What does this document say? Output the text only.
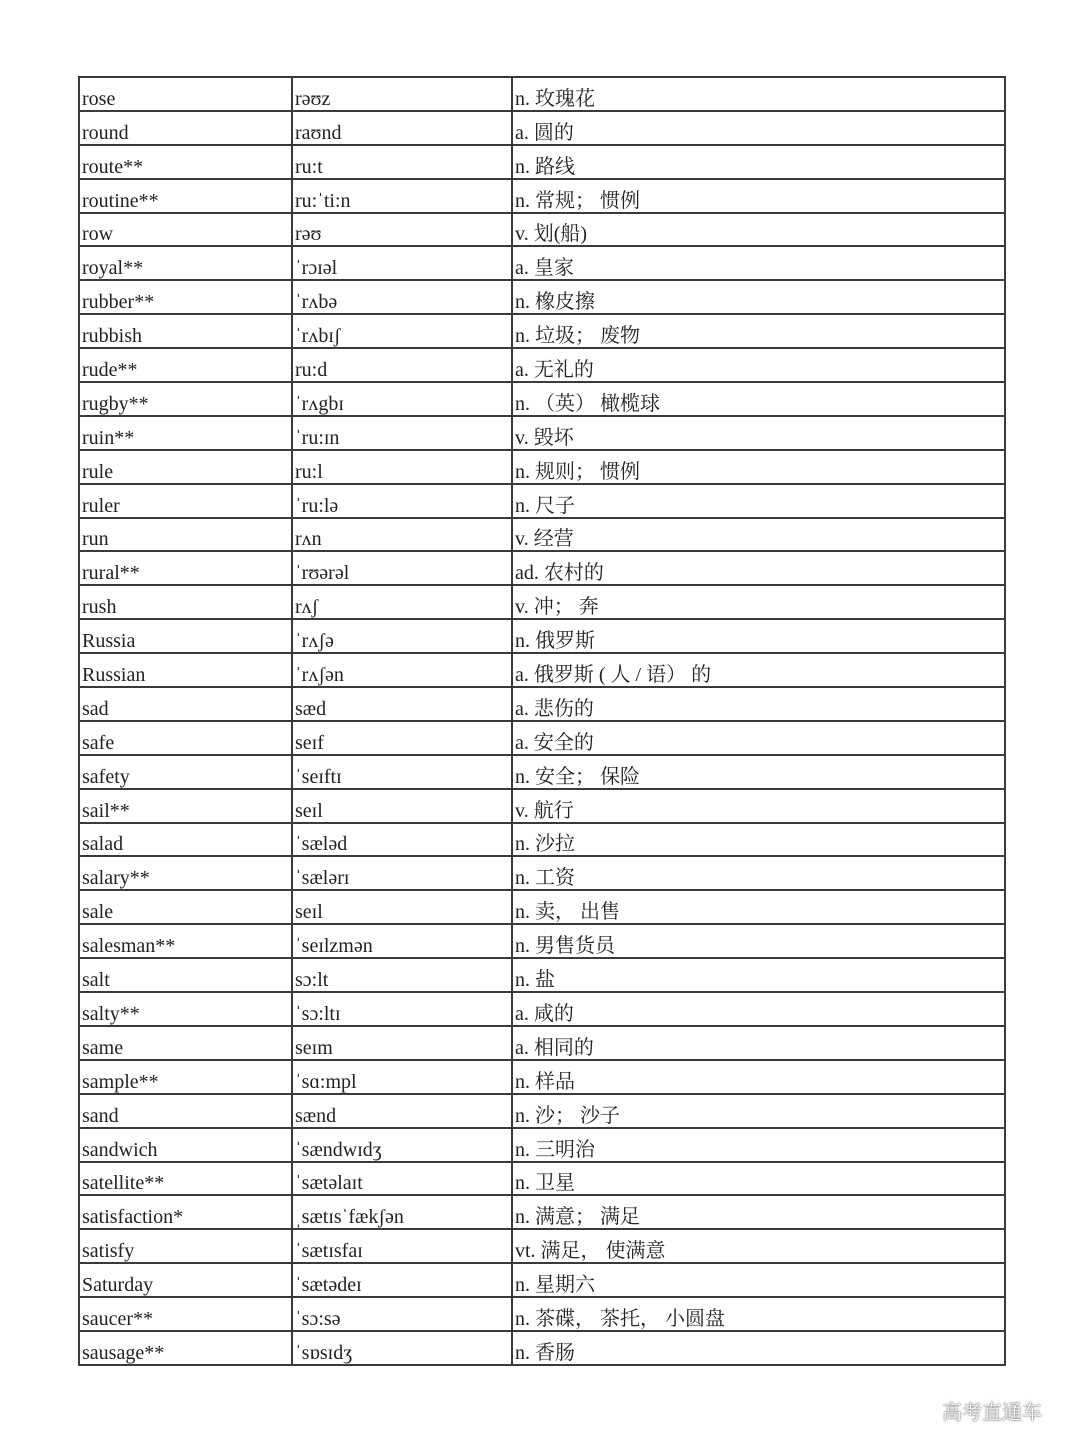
rose	rəʊz	n. 玫瑰花
round	raʊnd	a. 圆的
route**	ru:t	n. 路线
routine**	ru:ˈti:n	n. 常规； 惯例
row	rəʊ	v. 划(船)
royal**	ˈrɔɪəl	a. 皇家
rubber**	ˈrʌbə	n. 橡皮擦
rubbish	ˈrʌbɪʃ	n. 垃圾； 废物
rude**	ru:d	a. 无礼的
rugby**	ˈrʌgbɪ	n. （英） 橄榄球
ruin**	ˈru:ɪn	v. 毁坏
rule	ru:l	n. 规则； 惯例
ruler	ˈru:lə	n. 尺子
run	rʌn	v. 经营
rural**	ˈrʊərəl	ad. 农村的
rush	rʌʃ	v. 冲； 奔
Russia	ˈrʌʃə	n. 俄罗斯
Russian	ˈrʌʃən	a. 俄罗斯 ( 人 / 语） 的
sad	sæd	a. 悲伤的
safe	seɪf	a. 安全的
safety	ˈseɪftɪ	n. 安全； 保险
sail**	seɪl	v. 航行
salad	ˈsæləd	n. 沙拉
salary**	ˈsælərɪ	n. 工资
sale	seɪl	n. 卖， 出售
salesman**	ˈseɪlzmən	n. 男售货员
salt	sɔ:lt	n. 盐
salty**	ˈsɔ:ltɪ	a. 咸的
same	seɪm	a. 相同的
sample**	ˈsɑ:mpl	n. 样品
sand	sænd	n. 沙； 沙子
sandwich	ˈsændwɪdʒ	n. 三明治
satellite**	ˈsætəlaɪt	n. 卫星
satisfaction*	ˌsætɪsˈfækʃən	n. 满意； 满足
satisfy	ˈsætɪsfaɪ	vt. 满足， 使满意
Saturday	ˈsætədeɪ	n. 星期六
saucer**	ˈsɔ:sə	n. 茶碟， 茶托， 小圆盘
sausage**	ˈsɒsɪdʒ	n. 香肠
高考直通车
